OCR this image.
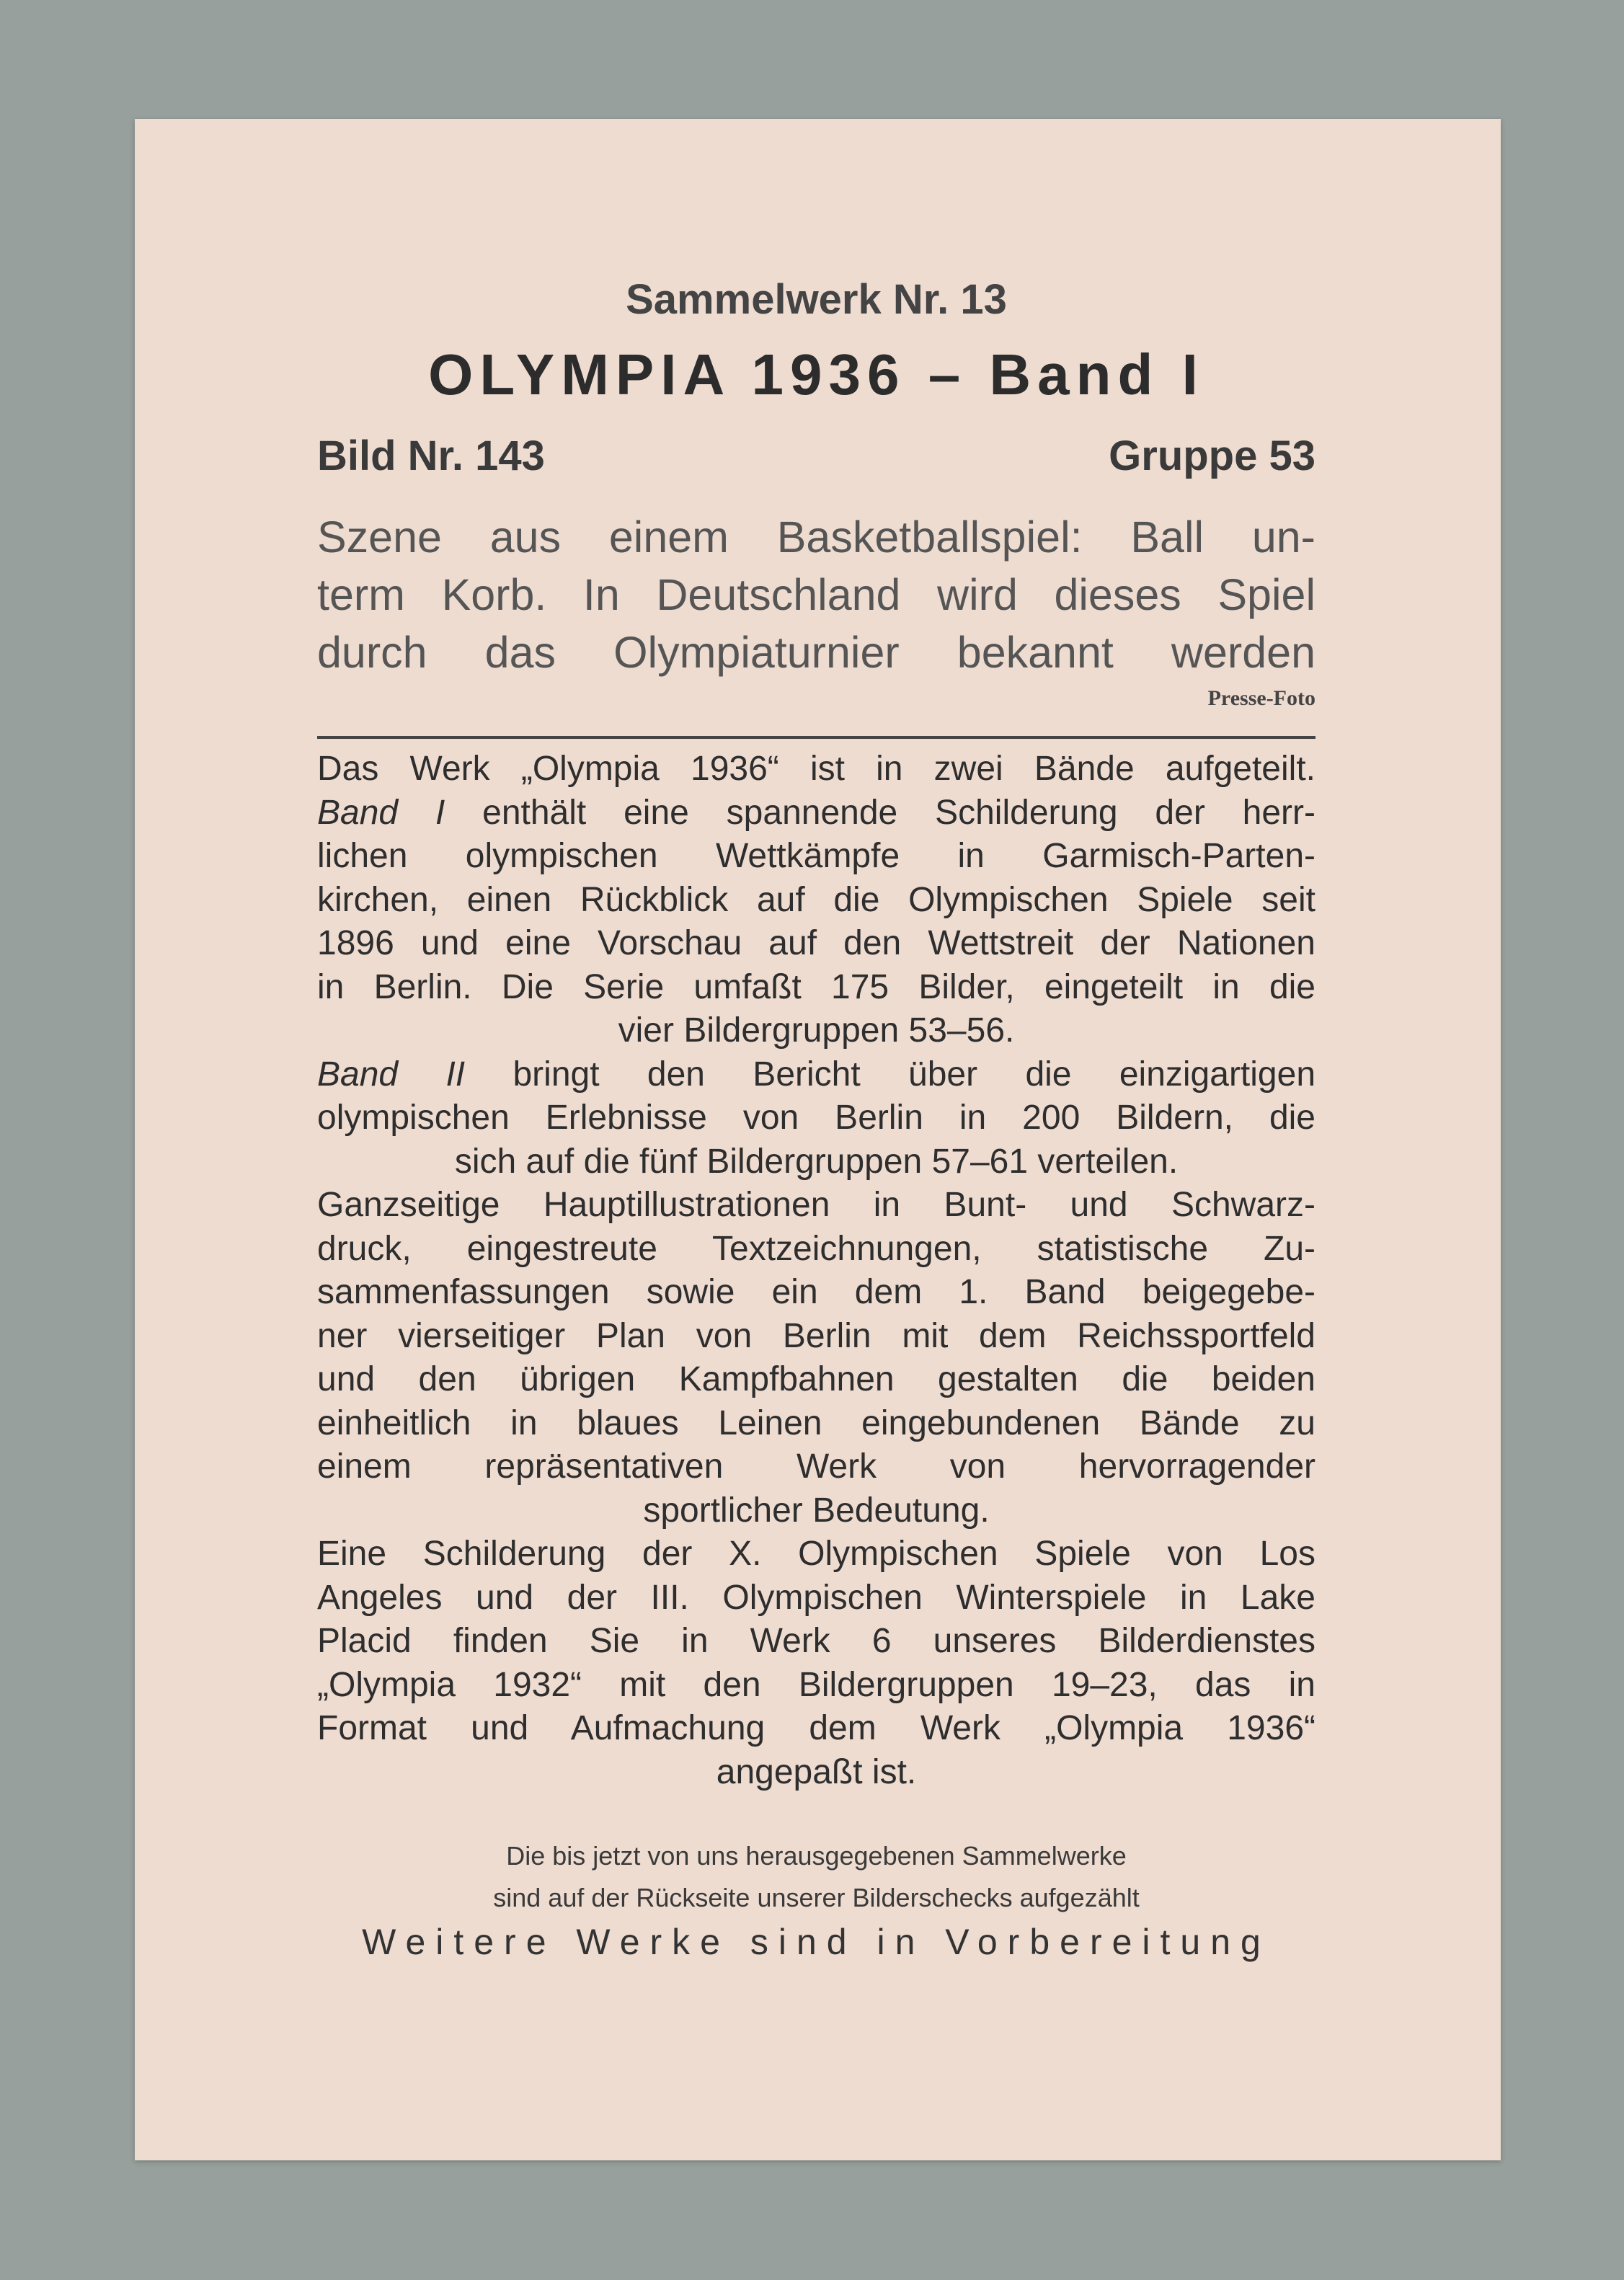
Sammelwerk Nr. 13
OLYMPIA 1936 – Band I
Bild Nr. 143	Gruppe 53
Szene aus einem Basketballspiel: Ball un-
term Korb. In Deutschland wird dieses Spiel
durch das Olympiaturnier bekannt werden
Presse-Foto
Das Werk „Olympia 1936“ ist in zwei Bände aufgeteilt.
Band I enthält eine spannende Schilderung der herr-
lichen olympischen Wettkämpfe in Garmisch-Parten-
kirchen, einen Rückblick auf die Olympischen Spiele seit
1896 und eine Vorschau auf den Wettstreit der Nationen
in Berlin. Die Serie umfaßt 175 Bilder, eingeteilt in die
vier Bildergruppen 53–56.
Band II bringt den Bericht über die einzigartigen
olympischen Erlebnisse von Berlin in 200 Bildern, die
sich auf die fünf Bildergruppen 57–61 verteilen.
Ganzseitige Hauptillustrationen in Bunt- und Schwarz-
druck, eingestreute Textzeichnungen, statistische Zu-
sammenfassungen sowie ein dem 1. Band beigegebe-
ner vierseitiger Plan von Berlin mit dem Reichssportfeld
und den übrigen Kampfbahnen gestalten die beiden
einheitlich in blaues Leinen eingebundenen Bände zu
einem repräsentativen Werk von hervorragender
sportlicher Bedeutung.
Eine Schilderung der X. Olympischen Spiele von Los
Angeles und der III. Olympischen Winterspiele in Lake
Placid finden Sie in Werk 6 unseres Bilderdienstes
„Olympia 1932“ mit den Bildergruppen 19–23, das in
Format und Aufmachung dem Werk „Olympia 1936“
angepaßt ist.
Die bis jetzt von uns herausgegebenen Sammelwerke
sind auf der Rückseite unserer Bilderschecks aufgezählt
Weitere Werke sind in Vorbereitung
